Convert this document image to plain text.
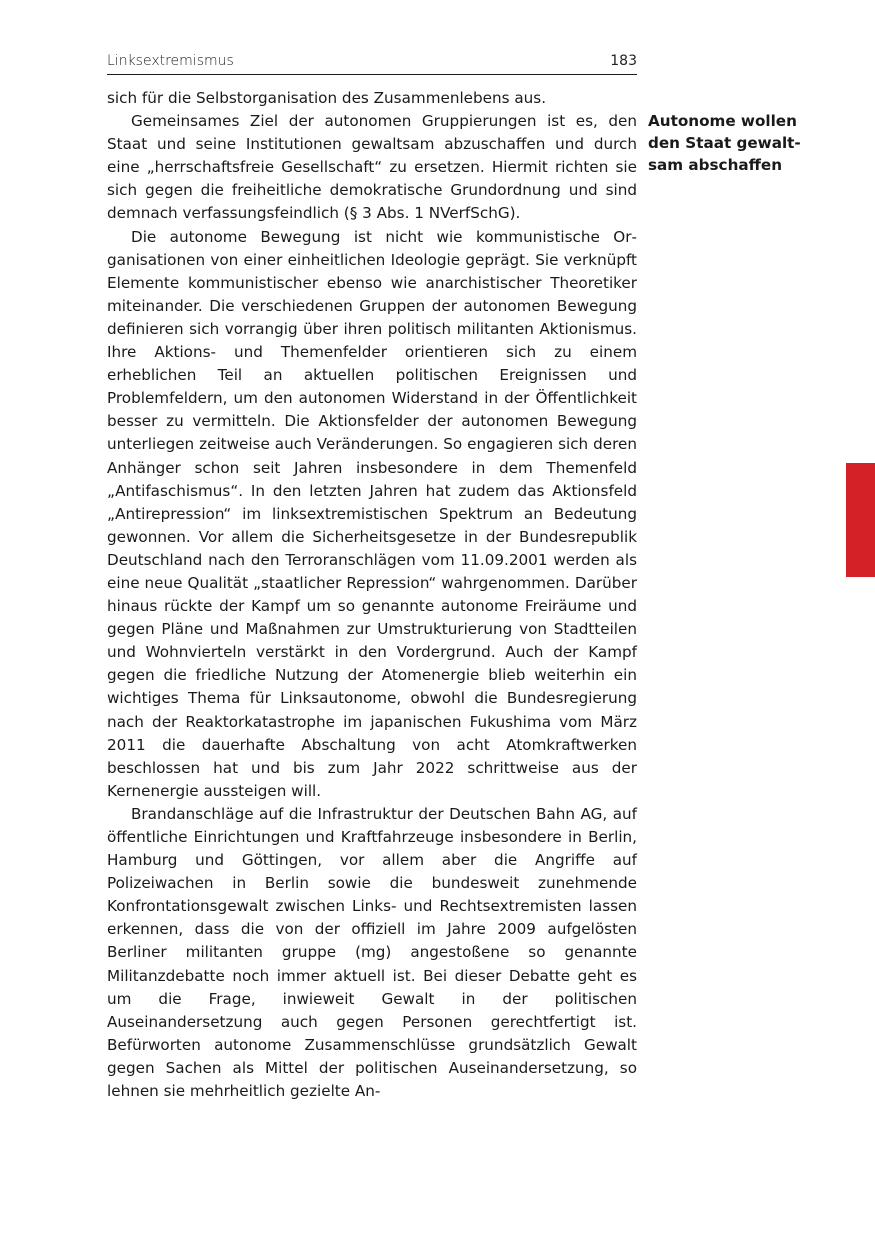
Linksextremismus	183

sich für die Selbstorganisation des Zusammenlebens aus.

Gemeinsames Ziel der autonomen Gruppierungen ist es, den Staat und seine Institutionen gewaltsam abzuschaffen und durch eine „herrschaftsfreie Gesellschaft“ zu ersetzen. Hiermit richten sie sich gegen die freiheitliche demokratische Grundordnung und sind demnach verfassungsfeindlich (§ 3 Abs. 1 NVerfSchG).

Die autonome Bewegung ist nicht wie kommunistische Organisationen von einer einheitlichen Ideologie geprägt. Sie verknüpft Elemente kommunistischer ebenso wie anarchistischer Theoretiker miteinander. Die verschiedenen Gruppen der autonomen Bewegung definieren sich vorrangig über ihren politisch militanten Aktionismus. Ihre Aktions- und Themenfelder orientieren sich zu einem erheblichen Teil an aktuellen politischen Ereignissen und Problemfeldern, um den autonomen Widerstand in der Öffentlichkeit besser zu vermitteln. Die Aktionsfelder der autonomen Bewegung unterliegen zeitweise auch Veränderungen. So engagieren sich deren Anhänger schon seit Jahren insbesondere in dem Themenfeld „Antifaschismus“. In den letzten Jahren hat zudem das Aktionsfeld „Antirepression“ im linksextremistischen Spektrum an Bedeutung gewonnen. Vor allem die Sicherheitsgesetze in der Bundesrepublik Deutschland nach den Terroranschlägen vom 11.09.2001 werden als eine neue Qualität „staatlicher Repression“ wahrgenommen. Darüber hinaus rückte der Kampf um so genannte autonome Freiräume und gegen Pläne und Maßnahmen zur Umstrukturierung von Stadtteilen und Wohnvierteln verstärkt in den Vordergrund. Auch der Kampf gegen die friedliche Nutzung der Atomenergie blieb weiterhin ein wichtiges Thema für Linksautonome, obwohl die Bundesregierung nach der Reaktorkatastrophe im japanischen Fukushima vom März 2011 die dauerhafte Abschaltung von acht Atomkraftwerken beschlossen hat und bis zum Jahr 2022 schrittweise aus der Kernenergie aussteigen will.

Brandanschläge auf die Infrastruktur der Deutschen Bahn AG, auf öffentliche Einrichtungen und Kraftfahrzeuge insbesondere in Berlin, Hamburg und Göttingen, vor allem aber die Angriffe auf Polizeiwachen in Berlin sowie die bundesweit zunehmende Konfrontationsgewalt zwischen Links- und Rechtsextremisten lassen erkennen, dass die von der offiziell im Jahre 2009 aufgelösten Berliner militanten gruppe (mg) angestoßene so genannte Militanzdebatte noch immer aktuell ist. Bei dieser Debatte geht es um die Frage, inwieweit Gewalt in der politischen Auseinandersetzung auch gegen Personen gerechtfertigt ist. Befürworten autonome Zusammenschlüsse grundsätzlich Gewalt gegen Sachen als Mittel der politischen Auseinandersetzung, so lehnen sie mehrheitlich gezielte An-

Autonome wollen
den Staat gewalt-
sam abschaffen
